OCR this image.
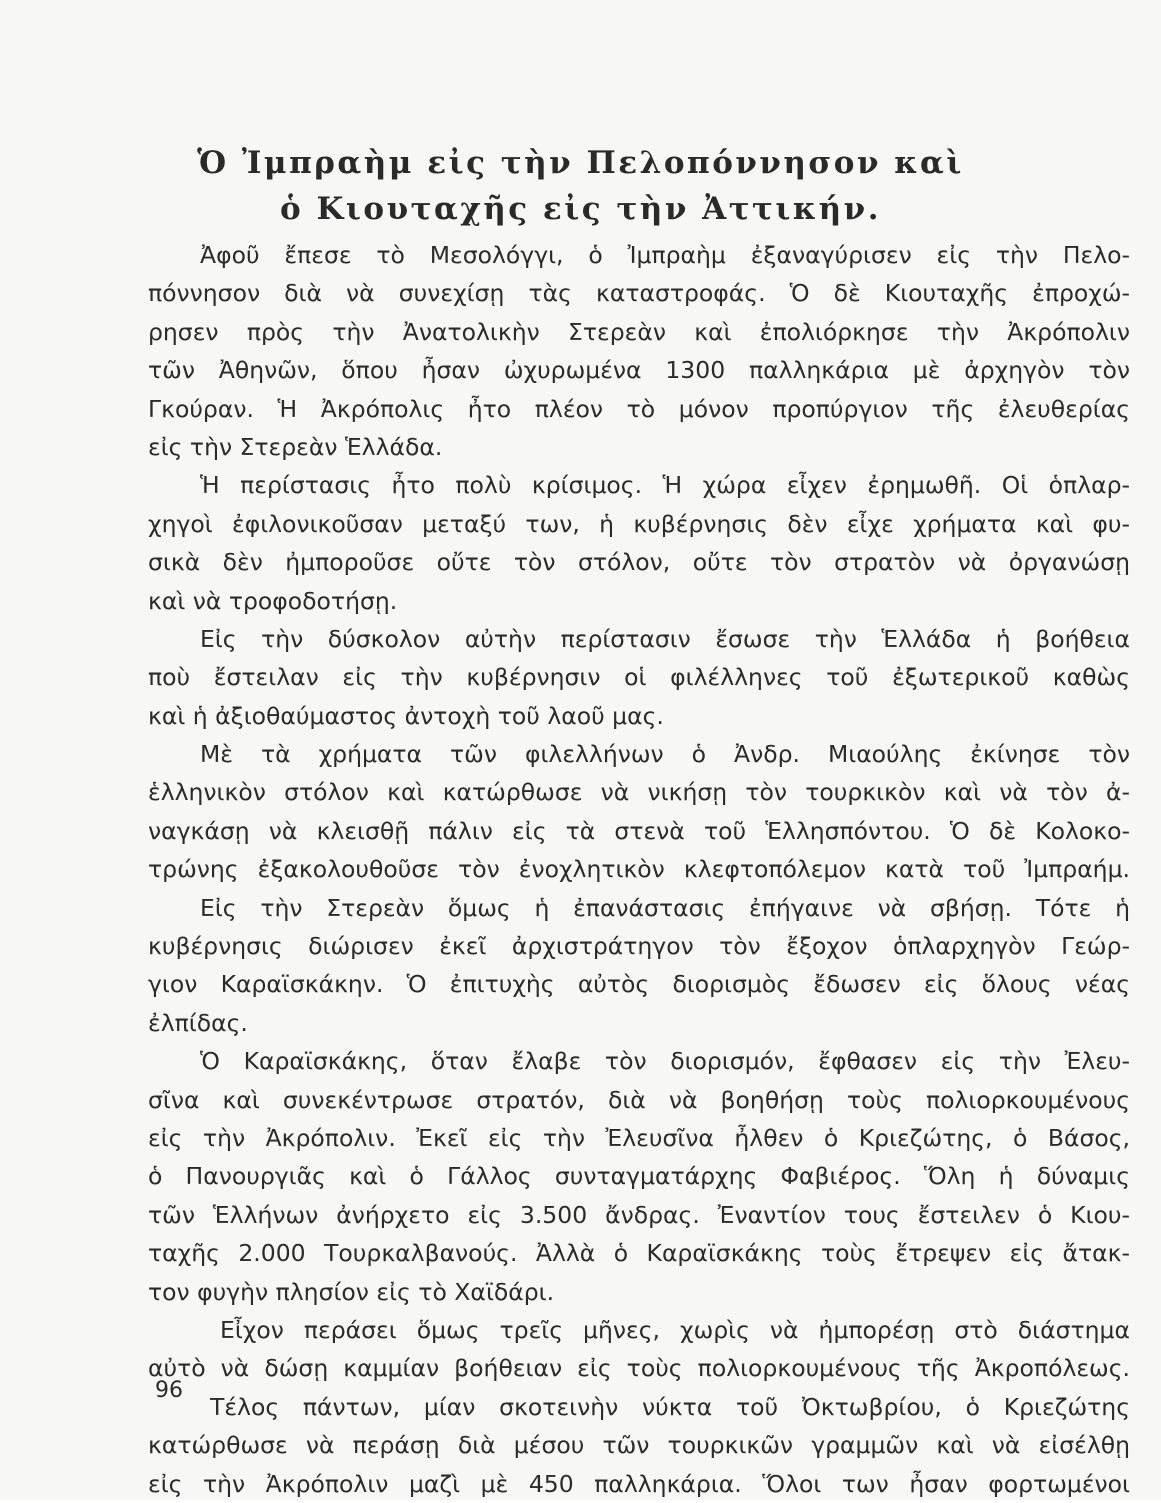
Ὁ Ἰμπραὴμ εἰς τὴν Πελοπόννησον καὶ
ὁ Κιουταχῆς εἰς τὴν Ἀττικήν.
Ἀφοῦ ἔπεσε τὸ Μεσολόγγι, ὁ Ἰμπραὴμ ἐξαναγύρισεν εἰς τὴν Πελο-
πόννησον διὰ νὰ συνεχίσῃ τὰς καταστροφάς. Ὁ δὲ Κιουταχῆς ἐπροχώ-
ρησεν πρὸς τὴν Ἀνατολικὴν Στερεὰν καὶ ἐπολιόρκησε τὴν Ἀκρόπολιν
τῶν Ἀθηνῶν, ὅπου ἦσαν ὠχυρωμένα 1300 παλληκάρια μὲ ἀρχηγὸν τὸν
Γκούραν. Ἡ Ἀκρόπολις ἦτο πλέον τὸ μόνον προπύργιον τῆς ἐλευθερίας
εἰς τὴν Στερεὰν Ἑλλάδα.
Ἡ περίστασις ἦτο πολὺ κρίσιμος. Ἡ χώρα εἶχεν ἐρημωθῆ. Οἱ ὁπλαρ-
χηγοὶ ἐφιλονικοῦσαν μεταξύ των, ἡ κυβέρνησις δὲν εἶχε χρήματα καὶ φυ-
σικὰ δὲν ἠμποροῦσε οὔτε τὸν στόλον, οὔτε τὸν στρατὸν νὰ ὀργανώσῃ
καὶ νὰ τροφοδοτήσῃ.
Εἰς τὴν δύσκολον αὐτὴν περίστασιν ἔσωσε τὴν Ἑλλάδα ἡ βοήθεια
ποὺ ἔστειλαν εἰς τὴν κυβέρνησιν οἱ φιλέλληνες τοῦ ἐξωτερικοῦ καθὼς
καὶ ἡ ἀξιοθαύμαστος ἀντοχὴ τοῦ λαοῦ μας.
Μὲ τὰ χρήματα τῶν φιλελλήνων ὁ Ἀνδρ. Μιαούλης ἐκίνησε τὸν
ἑλληνικὸν στόλον καὶ κατώρθωσε νὰ νικήσῃ τὸν τουρκικὸν καὶ νὰ τὸν ἀ-
ναγκάσῃ νὰ κλεισθῇ πάλιν εἰς τὰ στενὰ τοῦ Ἑλλησπόντου. Ὁ δὲ Κολοκο-
τρώνης ἐξακολουθοῦσε τὸν ἐνοχλητικὸν κλεφτοπόλεμον κατὰ τοῦ Ἰμπραήμ.
Εἰς τὴν Στερεὰν ὅμως ἡ ἐπανάστασις ἐπήγαινε νὰ σβήσῃ. Τότε ἡ
κυβέρνησις διώρισεν ἐκεῖ ἀρχιστράτηγον τὸν ἔξοχον ὁπλαρχηγὸν Γεώρ-
γιον Καραϊσκάκην. Ὁ ἐπιτυχὴς αὐτὸς διορισμὸς ἔδωσεν εἰς ὅλους νέας
ἐλπίδας.
Ὁ Καραϊσκάκης, ὅταν ἔλαβε τὸν διορισμόν, ἔφθασεν εἰς τὴν Ἐλευ-
σῖνα καὶ συνεκέντρωσε στρατόν, διὰ νὰ βοηθήσῃ τοὺς πολιορκουμένους
εἰς τὴν Ἀκρόπολιν. Ἐκεῖ εἰς τὴν Ἐλευσῖνα ἦλθεν ὁ Κριεζώτης, ὁ Βάσος,
ὁ Πανουργιᾶς καὶ ὁ Γάλλος συνταγματάρχης Φαβιέρος. Ὅλη ἡ δύναμις
τῶν Ἑλλήνων ἀνήρχετο εἰς 3.500 ἄνδρας. Ἐναντίον τους ἔστειλεν ὁ Κιου-
ταχῆς 2.000 Τουρκαλβανούς. Ἀλλὰ ὁ Καραϊσκάκης τοὺς ἔτρεψεν εἰς ἄτακ-
τον φυγὴν πλησίον εἰς τὸ Χαϊδάρι.
Εἶχον περάσει ὅμως τρεῖς μῆνες, χωρὶς νὰ ἠμπορέσῃ στὸ διάστημα
αὐτὸ νὰ δώσῃ καμμίαν βοήθειαν εἰς τοὺς πολιορκουμένους τῆς Ἀκροπόλεως.
Τέλος πάντων, μίαν σκοτεινὴν νύκτα τοῦ Ὀκτωβρίου, ὁ Κριεζώτης
κατώρθωσε νὰ περάσῃ διὰ μέσου τῶν τουρκικῶν γραμμῶν καὶ νὰ εἰσέλθῃ
εἰς τὴν Ἀκρόπολιν μαζὶ μὲ 450 παλληκάρια. Ὅλοι των ἦσαν φορτωμένοι
96
